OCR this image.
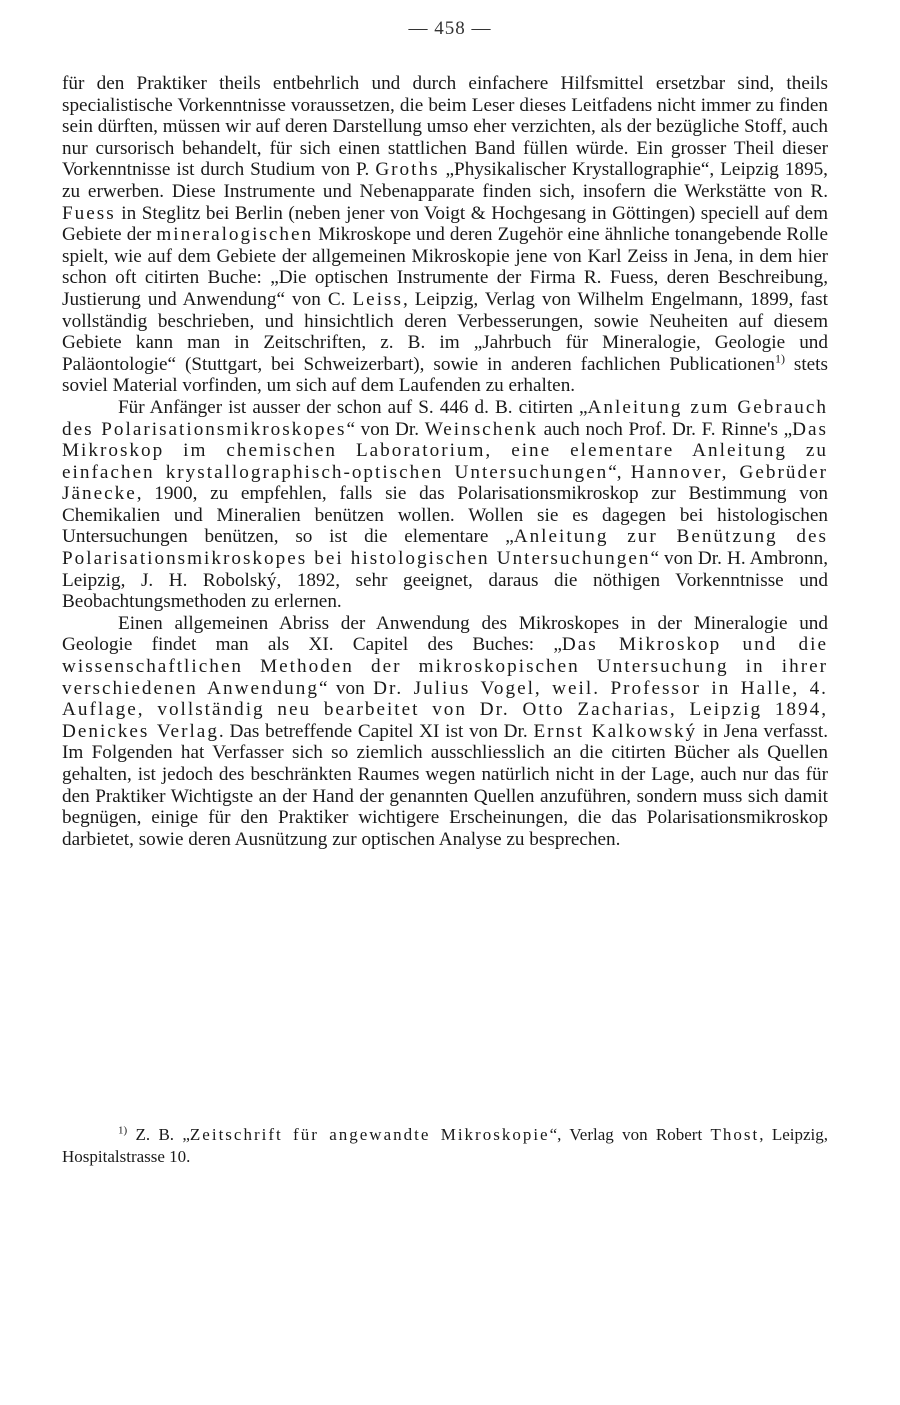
— 458 —

für den Praktiker theils entbehrlich und durch einfachere Hilfsmittel ersetzbar sind, theils specialistische Vorkenntnisse voraussetzen, die beim Leser dieses Leitfadens nicht immer zu finden sein dürften, müssen wir auf deren Darstellung umso eher verzichten, als der bezügliche Stoff, auch nur cursorisch behandelt, für sich einen stattlichen Band füllen würde. Ein grosser Theil dieser Vorkenntnisse ist durch Studium von P. Groths „Physikalischer Krystallographie“, Leipzig 1895, zu erwerben. Diese Instrumente und Nebenapparate finden sich, insofern die Werkstätte von R. Fuess in Steglitz bei Berlin (neben jener von Voigt & Hochgesang in Göttingen) speciell auf dem Gebiete der mineralogischen Mikroskope und deren Zugehör eine ähnliche tonangebende Rolle spielt, wie auf dem Gebiete der allgemeinen Mikroskopie jene von Karl Zeiss in Jena, in dem hier schon oft citirten Buche: „Die optischen Instrumente der Firma R. Fuess, deren Beschreibung, Justierung und Anwendung“ von C. Leiss, Leipzig, Verlag von Wilhelm Engelmann, 1899, fast vollständig beschrieben, und hinsichtlich deren Verbesserungen, sowie Neuheiten auf diesem Gebiete kann man in Zeitschriften, z. B. im „Jahrbuch für Mineralogie, Geologie und Paläontologie“ (Stuttgart, bei Schweizerbart), sowie in anderen fachlichen Publicationen$^{1)}$ stets soviel Material vorfinden, um sich auf dem Laufenden zu erhalten.

Für Anfänger ist ausser der schon auf S. 446 d. B. citirten „Anleitung zum Gebrauch des Polarisationsmikroskopes“ von Dr. Weinschenk auch noch Prof. Dr. F. Rinne's „Das Mikroskop im chemischen Laboratorium, eine elementare Anleitung zu einfachen krystallographisch-optischen Untersuchungen“, Hannover, Gebrüder Jänecke, 1900, zu empfehlen, falls sie das Polarisationsmikroskop zur Bestimmung von Chemikalien und Mineralien benützen wollen. Wollen sie es dagegen bei histologischen Untersuchungen benützen, so ist die elementare „Anleitung zur Benützung des Polarisationsmikroskopes bei histologischen Untersuchungen“ von Dr. H. Ambronn, Leipzig, J. H. Robolský, 1892, sehr geeignet, daraus die nöthigen Vorkenntnisse und Beobachtungsmethoden zu erlernen.

Einen allgemeinen Abriss der Anwendung des Mikroskopes in der Mineralogie und Geologie findet man als XI. Capitel des Buches: „Das Mikroskop und die wissenschaftlichen Methoden der mikroskopischen Untersuchung in ihrer verschiedenen Anwendung“ von Dr. Julius Vogel, weil. Professor in Halle, 4. Auflage, vollständig neu bearbeitet von Dr. Otto Zacharias, Leipzig 1894, Denickes Verlag. Das betreffende Capitel XI ist von Dr. Ernst Kalkowský in Jena verfasst. Im Folgenden hat Verfasser sich so ziemlich ausschliesslich an die citirten Bücher als Quellen gehalten, ist jedoch des beschränkten Raumes wegen natürlich nicht in der Lage, auch nur das für den Praktiker Wichtigste an der Hand der genannten Quellen anzuführen, sondern muss sich damit begnügen, einige für den Praktiker wichtigere Erscheinungen, die das Polarisationsmikroskop darbietet, sowie deren Ausnützung zur optischen Analyse zu besprechen.

$^{1)}$ Z. B. „Zeitschrift für angewandte Mikroskopie“, Verlag von Robert Thost, Leipzig, Hospitalstrasse 10.
